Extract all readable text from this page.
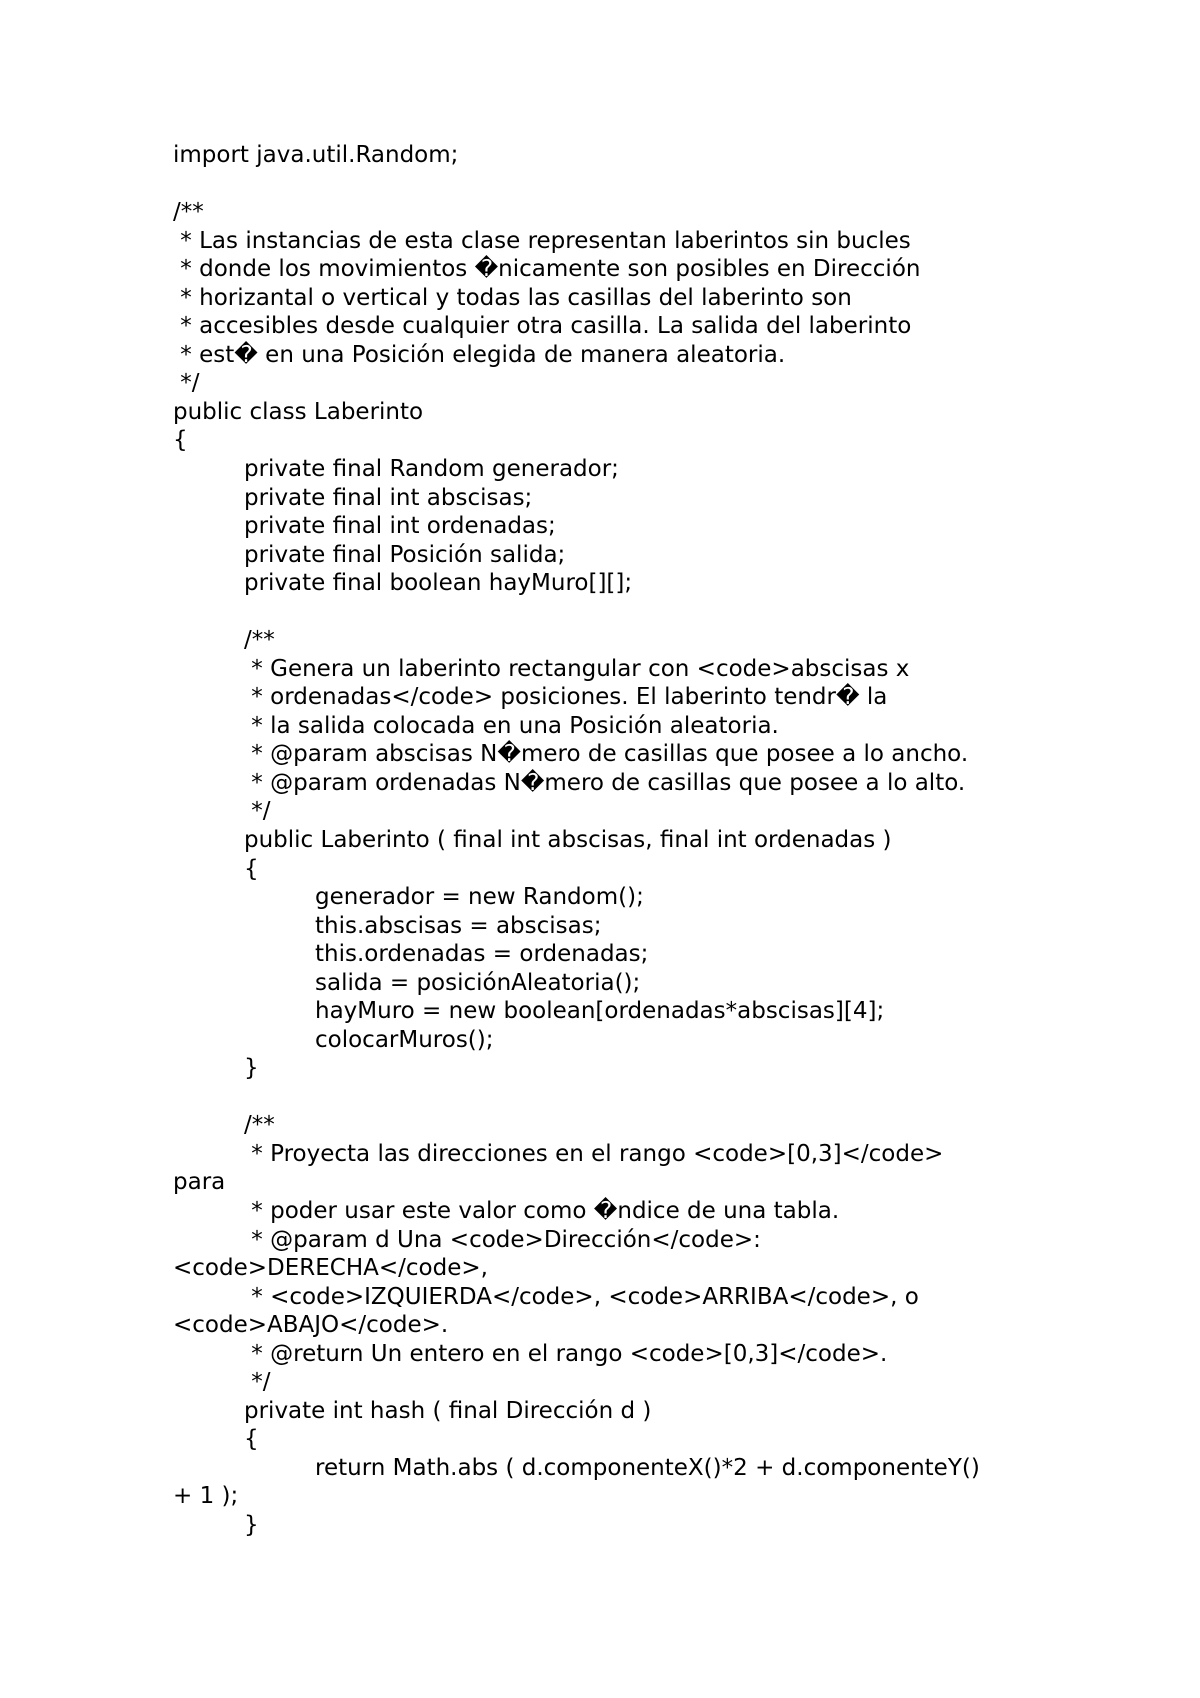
import java.util.Random;
/**
* Las instancias de esta clase representan laberintos sin bucles
* donde los movimientos �nicamente son posibles en Dirección
* horizantal o vertical y todas las casillas del laberinto son
* accesibles desde cualquier otra casilla. La salida del laberinto
* est� en una Posición elegida de manera aleatoria.
*/
public class Laberinto
{
private final Random generador;
private final int abscisas;
private final int ordenadas;
private final Posición salida;
private final boolean hayMuro[][];
/**
* Genera un laberinto rectangular con <code>abscisas x
* ordenadas</code> posiciones. El laberinto tendr� la
* la salida colocada en una Posición aleatoria.
* @param abscisas N�mero de casillas que posee a lo ancho.
* @param ordenadas N�mero de casillas que posee a lo alto.
*/
public Laberinto ( final int abscisas, final int ordenadas )
{
generador = new Random();
this.abscisas = abscisas;
this.ordenadas = ordenadas;
salida = posiciónAleatoria();
hayMuro = new boolean[ordenadas*abscisas][4];
colocarMuros();
}
/**
* Proyecta las direcciones en el rango <code>[0,3]</code>
para
* poder usar este valor como �ndice de una tabla.
* @param d Una <code>Dirección</code>:
<code>DERECHA</code>,
* <code>IZQUIERDA</code>, <code>ARRIBA</code>, o
<code>ABAJO</code>.
* @return Un entero en el rango <code>[0,3]</code>.
*/
private int hash ( final Dirección d )
{
return Math.abs ( d.componenteX()*2 + d.componenteY()
+ 1 );
}
